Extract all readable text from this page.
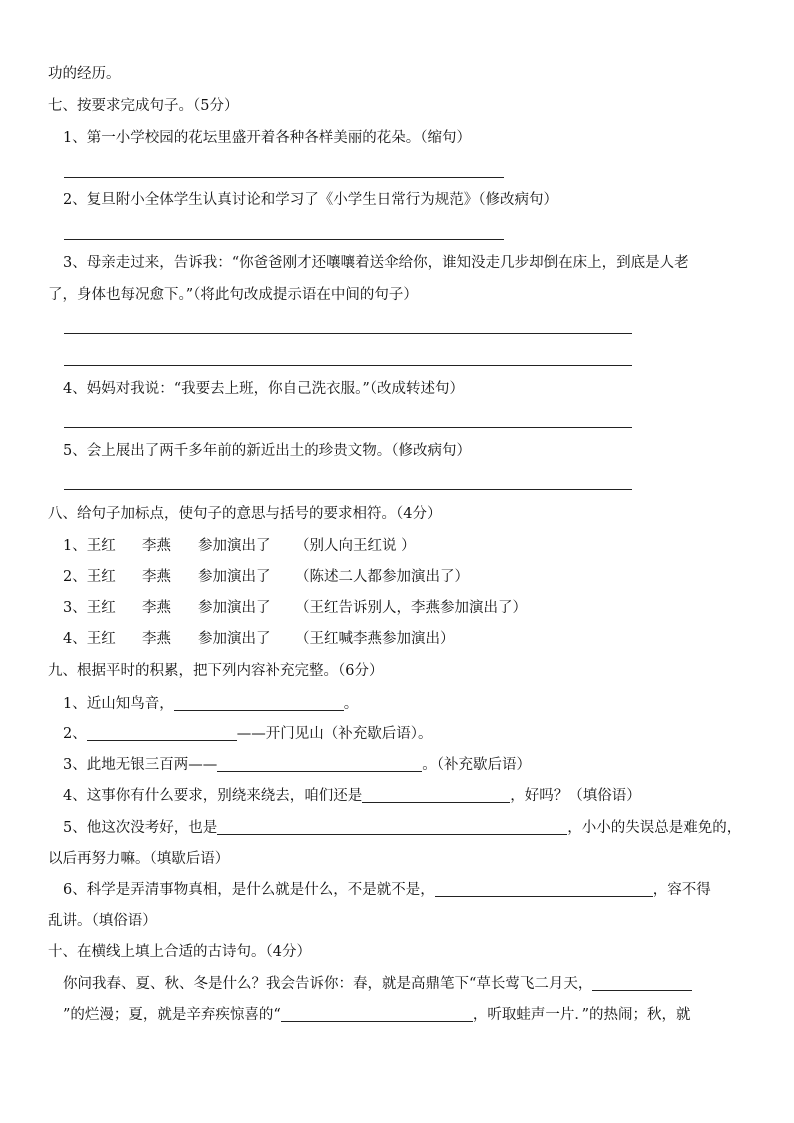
功的经历。
七、按要求完成句子。（5分）
1、第一小学校园的花坛里盛开着各种各样美丽的花朵。（缩句）
2、复旦附小全体学生认真讨论和学习了《小学生日常行为规范》（修改病句）
3、母亲走过来，告诉我：“你爸爸刚才还嚷嚷着送伞给你，谁知没走几步却倒在床上，到底是人老
了，身体也每况愈下。”（将此句改成提示语在中间的句子）
4、妈妈对我说：“我要去上班，你自己洗衣服。”（改成转述句）
5、会上展出了两千多年前的新近出土的珍贵文物。（修改病句）
八、给句子加标点，使句子的意思与括号的要求相符。（4分）
1、王红 李燕 参加演出了 （别人向王红说 ）
2、王红 李燕 参加演出了 （陈述二人都参加演出了）
3、王红 李燕 参加演出了 （王红告诉别人，李燕参加演出了）
4、王红 李燕 参加演出了 （王红喊李燕参加演出）
九、根据平时的积累，把下列内容补充完整。（6分）
1、近山知鸟音，	。
2、	——开门见山（补充歇后语）。
3、此地无银三百两——	。（补充歇后语）
4、这事你有什么要求，别绕来绕去，咱们还是	，好吗？（填俗语）
5、他这次没考好，也是	，小小的失误总是难免的，
以后再努力嘛。（填歇后语）
6、科学是弄清事物真相，是什么就是什么，不是就不是，	，容不得
乱讲。（填俗语）
十、在横线上填上合适的古诗句。（4分）
你问我春、夏、秋、冬是什么？我会告诉你：春，就是高鼎笔下“草长莺飞二月天，
”的烂漫；夏，就是辛弃疾惊喜的“	，听取蛙声一片．”的热闹；秋，就
